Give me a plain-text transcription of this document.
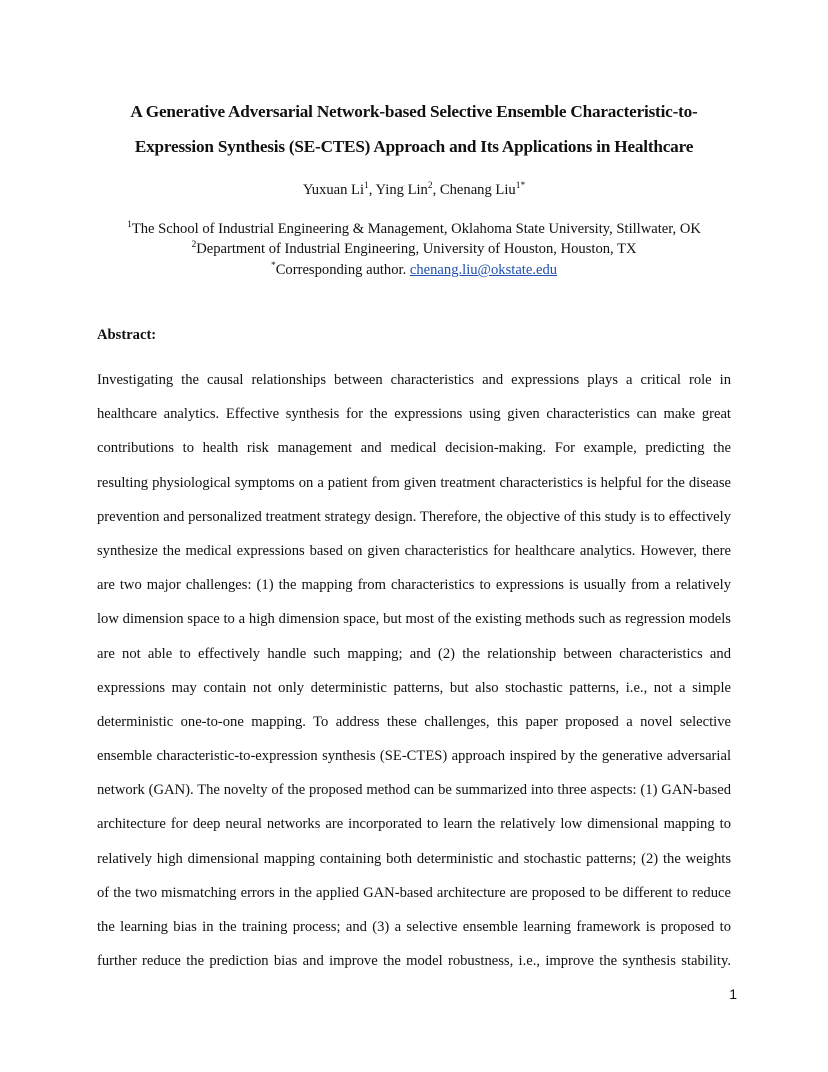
A Generative Adversarial Network-based Selective Ensemble Characteristic-to-
Expression Synthesis (SE-CTES) Approach and Its Applications in Healthcare
Yuxuan Li$^1$, Ying Lin$^2$, Chenang Liu$^{1*}$
$^1$The School of Industrial Engineering & Management, Oklahoma State University, Stillwater, OK
$^2$Department of Industrial Engineering, University of Houston, Houston, TX
*Corresponding author. chenang.liu@okstate.edu
Abstract:
Investigating the causal relationships between characteristics and expressions plays a critical role in
healthcare analytics. Effective synthesis for the expressions using given characteristics can make great
contributions to health risk management and medical decision-making. For example, predicting the
resulting physiological symptoms on a patient from given treatment characteristics is helpful for the disease
prevention and personalized treatment strategy design. Therefore, the objective of this study is to effectively
synthesize the medical expressions based on given characteristics for healthcare analytics. However, there
are two major challenges: (1) the mapping from characteristics to expressions is usually from a relatively
low dimension space to a high dimension space, but most of the existing methods such as regression models
are not able to effectively handle such mapping; and (2) the relationship between characteristics and
expressions may contain not only deterministic patterns, but also stochastic patterns, i.e., not a simple
deterministic one-to-one mapping. To address these challenges, this paper proposed a novel selective
ensemble characteristic-to-expression synthesis (SE-CTES) approach inspired by the generative adversarial
network (GAN). The novelty of the proposed method can be summarized into three aspects: (1) GAN-based
architecture for deep neural networks are incorporated to learn the relatively low dimensional mapping to
relatively high dimensional mapping containing both deterministic and stochastic patterns; (2) the weights
of the two mismatching errors in the applied GAN-based architecture are proposed to be different to reduce
the learning bias in the training process; and (3) a selective ensemble learning framework is proposed to
further reduce the prediction bias and improve the model robustness, i.e., improve the synthesis stability.
1
